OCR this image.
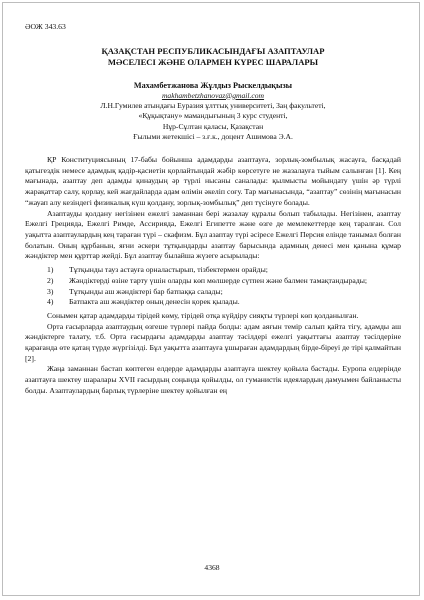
ӘОЖ 343.63
ҚАЗАҚСТАН РЕСПУБЛИКАСЫНДАҒЫ АЗАПТАУЛАР
МӘСЕЛЕСІ ЖӘНЕ ОЛАРМЕН КҮРЕС ШАРАЛАРЫ
Махамбетжанова Жұлдыз Рыскелдықызы
makhambetzhanovaz@gmail.com
Л.Н.Гумилев атындағы Еуразия ұлттық университеті, Заң факультеті,
«Құқықтану» мамандығының 3 курс студенті,
Нұр-Сұлтан қаласы, Қазақстан
Ғылыми жетекшісі – з.ғ.к., доцент Ашимова Э.А.

ҚР Конституциясының 17-бабы бойынша адамдарды азаптауға, зорлық-зомбылық жасауға, басқадай қатыгездік немесе адамдық қадір-қасиетін қорлайтындай жәбір көрсетуге не жазалауға тыйым салынған [1]. Кең мағынада, азаптау деп адамды қинаудың әр түрлі нысаны саналады: қылмысты мойындату үшін әр түрлі жарақаттар салу, қорлау, кей жағдайларда адам өлімін әкеліп соғу. Тар мағынасында, “азаптау” сөзінің мағынасын “жауап алу кезіндегі физикалық күш қолдану, зорлық-зомбылық” деп түсінуге болады.

Азаптауды қолдану негізінен ежелгі заманнан бері жазалау құралы болып табылады. Негізінен, азаптау Ежелгі Грецияда, Ежелгі Римде, Ассирияда, Ежелгі Египетте және өзге де мемлекеттерде кең таралған. Сол уақытта азаптаулардың кең тараған түрі – скафизм. Бұл азаптау түрі әсіресе Ежелгі Персия елінде танымал болған болатын. Оның құрбанын, яғни әскери тұтқындарды азаптау барысында адамның денесі мен қанына құмар жәндіктер мен құрттар жейді. Бұл азаптау былайша жүзеге асырылады:

1)	Тұтқынды тауз астауға орналастырып, тізбектермен орайды;
2)	Жәндіктерді өзіне тарту үшін оларды көп мөлшерде сүтпен және балмен тамақтандырады;
3)	Тұтқынды аш жәндіктері бар батпаққа салады;
4)	Батпакта аш жәндіктер оның денесін қорек қылады.

Сонымен қатар адамдарды тірідей көму, тірідей отқа күйдіру сияқты түрлері көп қолданылған.

Орта ғасырларда азаптаудың өзгеше түрлері пайда болды: адам аяғын темір салып қайта тігу, адамды аш жәндіктерге талату, т.б. Орта ғасырдағы адамдарды азаптау тәсілдері ежелгі уақыттағы азаптау тәсілдеріне қарағанда өте қатаң түрде жүргізілді. Бұл уақытта азаптауға ұшыраған адамдардың бірде-біреуі де тірі қалмайтын [2].

Жаңа заманнан бастап көптеген елдерде адамдарды азаптауға шектеу қойыла бастады. Еуропа елдерінде азаптауға шектеу шаралары XVII ғасырдың соңында қойылды, ол гуманистік идеялардың дамуымен байланысты болды. Азаптаулардың барлық түрлеріне шектеу қойылған ең

4368
